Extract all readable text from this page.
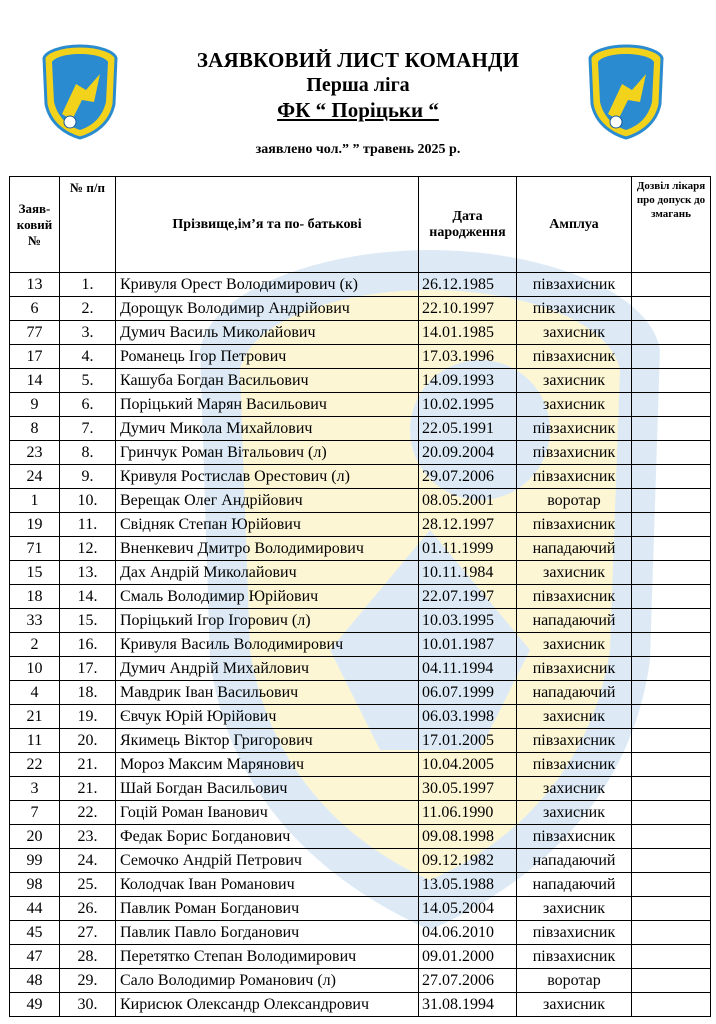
ЗАЯВКОВИЙ ЛИСТ КОМАНДИ
Перша ліга
ФК “ Поріцьки “
заявлено чол.” ” травень 2025 р.
Заяв-ковий №	№ п/п	Прізвище,ім’я та по- батькові	Дата народження	Амплуа	Дозвіл лікаря про допуск до змагань
13	1.	Кривуля Орест Володимирович (к)	26.12.1985	півзахисник	
6	2.	Дорощук Володимир Андрійович	22.10.1997	півзахисник	
77	3.	Думич Василь Миколайович	14.01.1985	захисник	
17	4.	Романець Ігор Петрович	17.03.1996	півзахисник	
14	5.	Кашуба Богдан Васильович	14.09.1993	захисник	
9	6.	Поріцький Марян Васильович	10.02.1995	захисник	
8	7.	Думич Микола Михайлович	22.05.1991	півзахисник	
23	8.	Гринчук Роман Вітальович (л)	20.09.2004	півзахисник	
24	9.	Кривуля Ростислав Орестович (л)	29.07.2006	півзахисник	
1	10.	Верещак Олег Андрійович	08.05.2001	воротар	
19	11.	Свідняк Степан Юрійович	28.12.1997	півзахисник	
71	12.	Вненкевич Дмитро Володимирович	01.11.1999	нападаючий	
15	13.	Дах Андрій Миколайович	10.11.1984	захисник	
18	14.	Смаль Володимир Юрійович	22.07.1997	півзахисник	
33	15.	Поріцький Ігор Ігорович (л)	10.03.1995	нападаючий	
2	16.	Кривуля Василь Володимирович	10.01.1987	захисник	
10	17.	Думич Андрій Михайлович	04.11.1994	півзахисник	
4	18.	Мавдрик Іван Васильович	06.07.1999	нападаючий	
21	19.	Євчук Юрій Юрійович	06.03.1998	захисник	
11	20.	Якимець Віктор Григорович	17.01.2005	півзахисник	
22	21.	Мороз Максим Марянович	10.04.2005	півзахисник	
3	21.	Шай Богдан Васильович	30.05.1997	захисник	
7	22.	Гоцій Роман Іванович	11.06.1990	захисник	
20	23.	Федак Борис Богданович	09.08.1998	півзахисник	
99	24.	Семочко Андрій Петрович	09.12.1982	нападаючий	
98	25.	Колодчак Іван Романович	13.05.1988	нападаючий	
44	26.	Павлик Роман Богданович	14.05.2004	захисник	
45	27.	Павлик Павло Богданович	04.06.2010	півзахисник	
47	28.	Перетятко Степан Володимирович	09.01.2000	півзахисник	
48	29.	Сало Володимир Романович (л)	27.07.2006	воротар	
49	30.	Кирисюк Олександр Олександрович	31.08.1994	захисник	
